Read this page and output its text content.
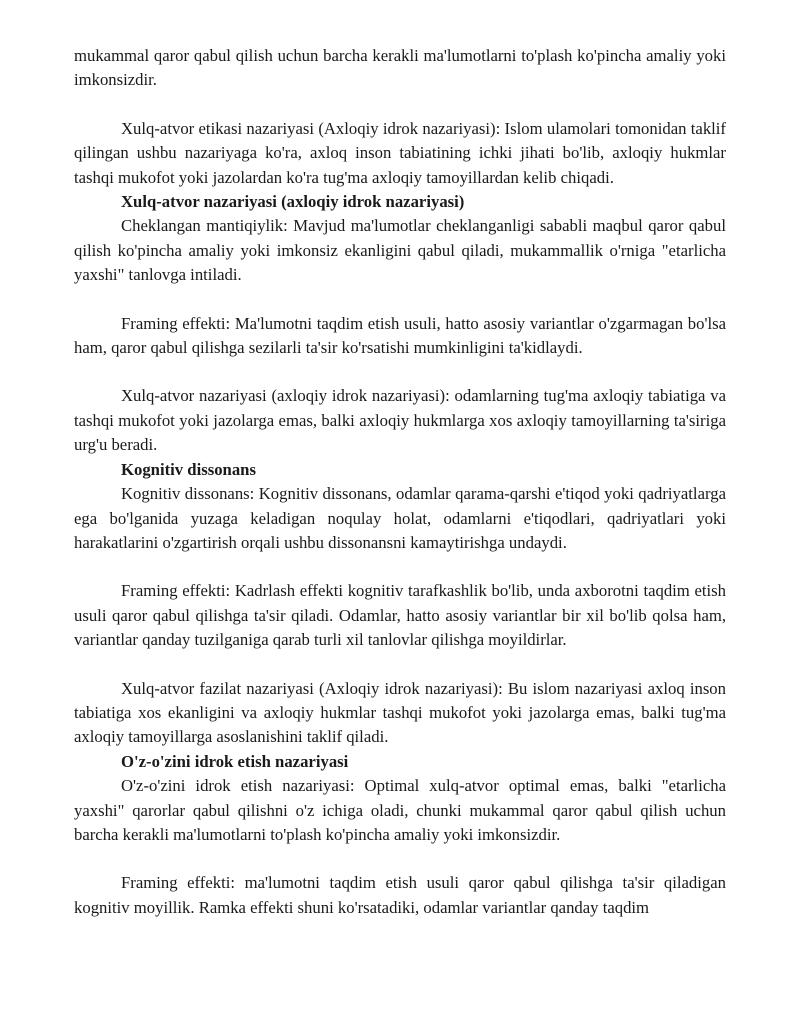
mukammal qaror qabul qilish uchun barcha kerakli ma'lumotlarni to'plash ko'pincha amaliy yoki imkonsizdir.

Xulq-atvor etikasi nazariyasi (Axloqiy idrok nazariyasi): Islom ulamolari tomonidan taklif qilingan ushbu nazariyaga ko'ra, axloq inson tabiatining ichki jihati bo'lib, axloqiy hukmlar tashqi mukofot yoki jazolardan ko'ra tug'ma axloqiy tamoyillardan kelib chiqadi.

Xulq-atvor nazariyasi (axloqiy idrok nazariyasi)

Cheklangan mantiqiylik: Mavjud ma'lumotlar cheklanganligi sababli maqbul qaror qabul qilish ko'pincha amaliy yoki imkonsiz ekanligini qabul qiladi, mukammallik o'rniga "etarlicha yaxshi" tanlovga intiladi.

Framing effekti: Ma'lumotni taqdim etish usuli, hatto asosiy variantlar o'zgarmagan bo'lsa ham, qaror qabul qilishga sezilarli ta'sir ko'rsatishi mumkinligini ta'kidlaydi.

Xulq-atvor nazariyasi (axloqiy idrok nazariyasi): odamlarning tug'ma axloqiy tabiatiga va tashqi mukofot yoki jazolarga emas, balki axloqiy hukmlarga xos axloqiy tamoyillarning ta'siriga urg'u beradi.

Kognitiv dissonans

Kognitiv dissonans: Kognitiv dissonans, odamlar qarama-qarshi e'tiqod yoki qadriyatlarga ega bo'lganida yuzaga keladigan noqulay holat, odamlarni e'tiqodlari, qadriyatlari yoki harakatlarini o'zgartirish orqali ushbu dissonansni kamaytirishga undaydi.

Framing effekti: Kadrlash effekti kognitiv tarafkashlik bo'lib, unda axborotni taqdim etish usuli qaror qabul qilishga ta'sir qiladi. Odamlar, hatto asosiy variantlar bir xil bo'lib qolsa ham, variantlar qanday tuzilganiga qarab turli xil tanlovlar qilishga moyildirlar.

Xulq-atvor fazilat nazariyasi (Axloqiy idrok nazariyasi): Bu islom nazariyasi axloq inson tabiatiga xos ekanligini va axloqiy hukmlar tashqi mukofot yoki jazolarga emas, balki tug'ma axloqiy tamoyillarga asoslanishini taklif qiladi.

O'z-o'zini idrok etish nazariyasi

O'z-o'zini idrok etish nazariyasi: Optimal xulq-atvor optimal emas, balki "etarlicha yaxshi" qarorlar qabul qilishni o'z ichiga oladi, chunki mukammal qaror qabul qilish uchun barcha kerakli ma'lumotlarni to'plash ko'pincha amaliy yoki imkonsizdir.

Framing effekti: ma'lumotni taqdim etish usuli qaror qabul qilishga ta'sir qiladigan kognitiv moyillik. Ramka effekti shuni ko'rsatadiki, odamlar variantlar qanday taqdim
